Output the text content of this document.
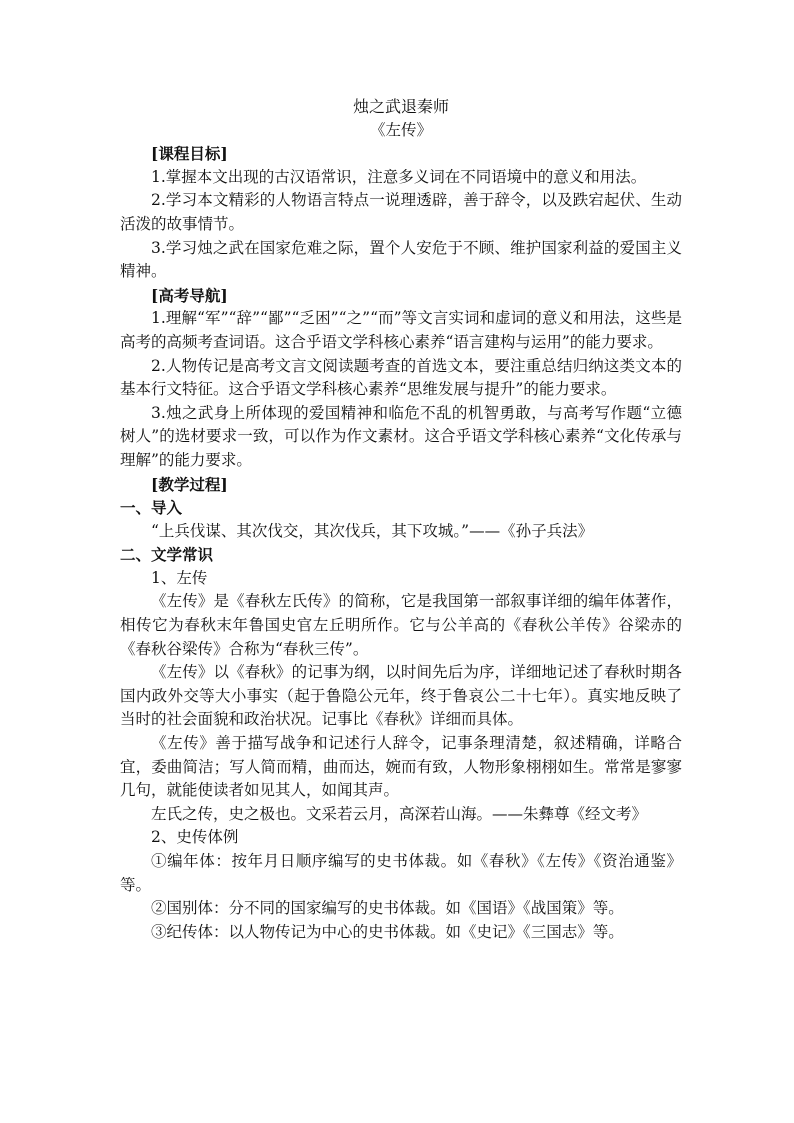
烛之武退秦师
《左传》

[课程目标]

1.掌握本文出现的古汉语常识，注意多义词在不同语境中的意义和用法。

2.学习本文精彩的人物语言特点一说理透辟，善于辞令，以及跌宕起伏、生动活泼的故事情节。

3.学习烛之武在国家危难之际，置个人安危于不顾、维护国家利益的爱国主义精神。

[高考导航]

1.理解“军”“辞”“鄙”“乏困”“之”“而”等文言实词和虚词的意义和用法，这些是高考的高频考查词语。这合乎语文学科核心素养“语言建构与运用”的能力要求。

2.人物传记是高考文言文阅读题考查的首选文本，要注重总结归纳这类文本的基本行文特征。这合乎语文学科核心素养“思维发展与提升”的能力要求。

3.烛之武身上所体现的爱国精神和临危不乱的机智勇敢，与高考写作题“立德树人”的选材要求一致，可以作为作文素材。这合乎语文学科核心素养“文化传承与理解”的能力要求。

[教学过程]

一、导入

“上兵伐谋、其次伐交，其次伐兵，其下攻城。”——《孙子兵法》

二、文学常识

1、左传

《左传》是《春秋左氏传》的简称，它是我国第一部叙事详细的编年体著作，相传它为春秋末年鲁国史官左丘明所作。它与公羊高的《春秋公羊传》谷梁赤的《春秋谷梁传》合称为“春秋三传”。

《左传》以《春秋》的记事为纲，以时间先后为序，详细地记述了春秋时期各国内政外交等大小事实（起于鲁隐公元年，终于鲁哀公二十七年）。真实地反映了当时的社会面貌和政治状况。记事比《春秋》详细而具体。

《左传》善于描写战争和记述行人辞令，记事条理清楚，叙述精确，详略合宜，委曲简洁；写人简而精，曲而达，婉而有致，人物形象栩栩如生。常常是寥寥几句，就能使读者如见其人，如闻其声。

左氏之传，史之极也。文采若云月，高深若山海。——朱彝尊《经文考》

2、史传体例

①编年体：按年月日顺序编写的史书体裁。如《春秋》《左传》《资治通鉴》等。

②国别体：分不同的国家编写的史书体裁。如《国语》《战国策》等。

③纪传体：以人物传记为中心的史书体裁。如《史记》《三国志》等。
